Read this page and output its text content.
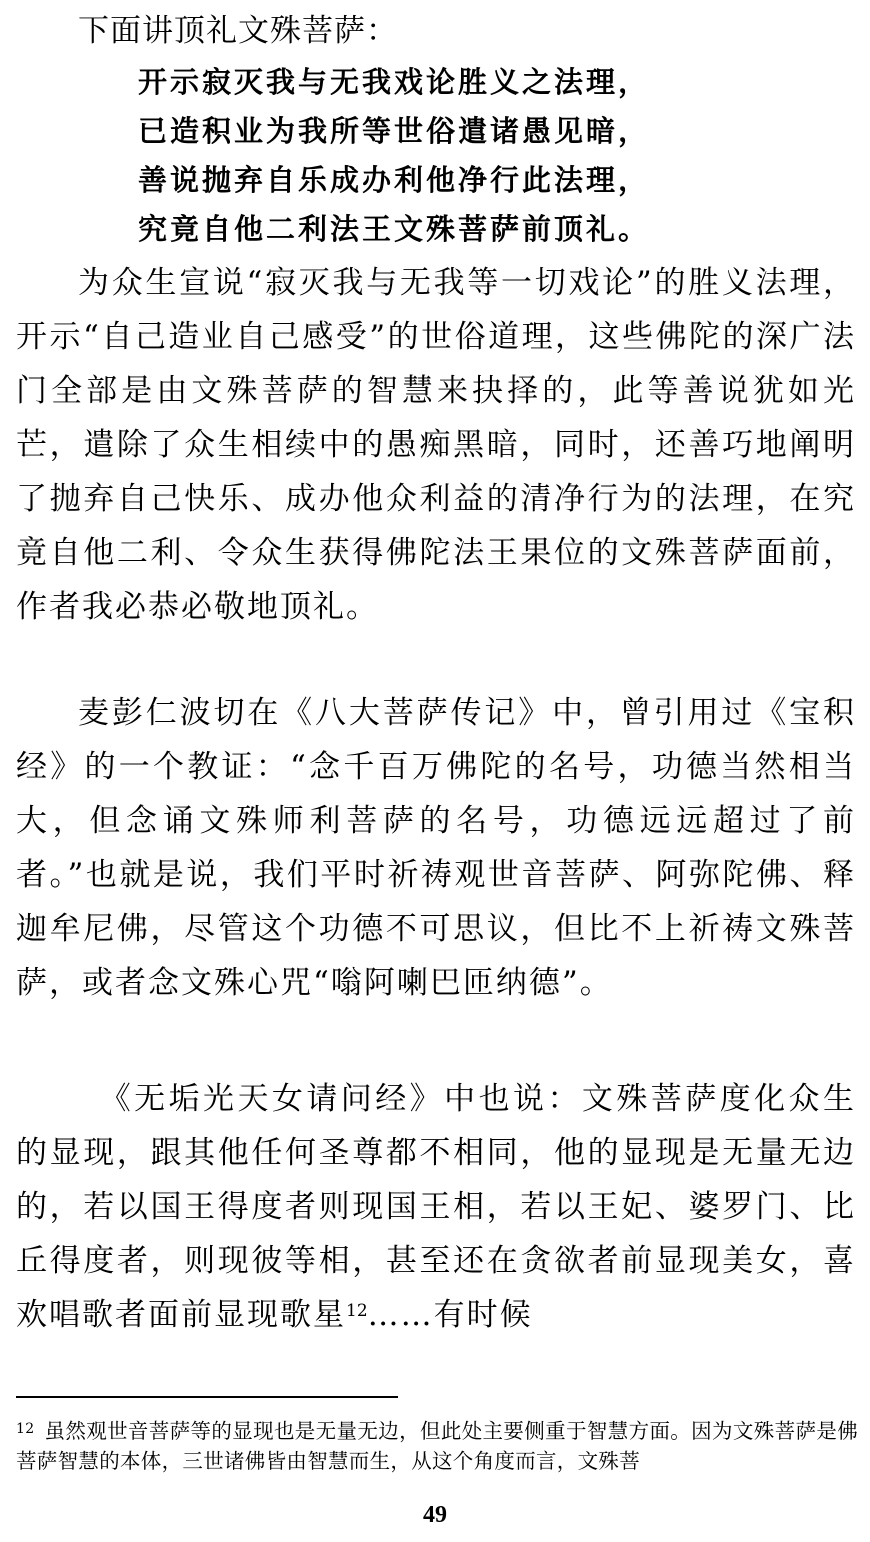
下面讲顶礼文殊菩萨：
开示寂灭我与无我戏论胜义之法理，
已造积业为我所等世俗遣诸愚见暗，
善说抛弃自乐成办利他净行此法理，
究竟自他二利法王文殊菩萨前顶礼。

为众生宣说“寂灭我与无我等一切戏论”的胜义法理，开示“自己造业自己感受”的世俗道理，这些佛陀的深广法门全部是由文殊菩萨的智慧来抉择的，此等善说犹如光芒，遣除了众生相续中的愚痴黑暗，同时，还善巧地阐明了抛弃自己快乐、成办他众利益的清净行为的法理，在究竟自他二利、令众生获得佛陀法王果位的文殊菩萨面前，作者我必恭必敬地顶礼。

麦彭仁波切在《八大菩萨传记》中，曾引用过《宝积经》的一个教证：“念千百万佛陀的名号，功德当然相当大，但念诵文殊师利菩萨的名号，功德远远超过了前者。”也就是说，我们平时祈祷观世音菩萨、阿弥陀佛、释迦牟尼佛，尽管这个功德不可思议，但比不上祈祷文殊菩萨，或者念文殊心咒“嗡阿喇巴匝纳德”。

《无垢光天女请问经》中也说：文殊菩萨度化众生的显现，跟其他任何圣尊都不相同，他的显现是无量无边的，若以国王得度者则现国王相，若以王妃、婆罗门、比丘得度者，则现彼等相，甚至还在贪欲者前显现美女，喜欢唱歌者面前显现歌星$^{12}$……有时候

$^{12}$ 虽然观世音菩萨等的显现也是无量无边，但此处主要侧重于智慧方面。因为文殊菩萨是佛菩萨智慧的本体，三世诸佛皆由智慧而生，从这个角度而言，文殊菩
49
